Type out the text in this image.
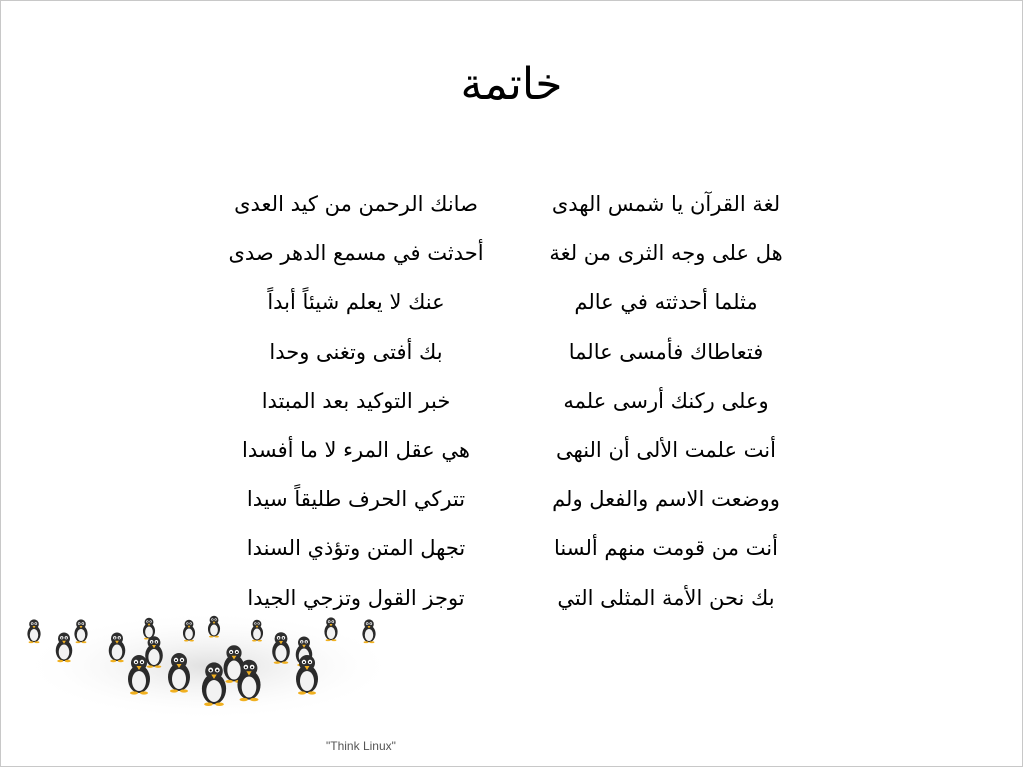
خاتمة
لغة القرآن يا شمس الهدى
صانك الرحمن من كيد العدى
هل على وجه الثرى من لغة
أحدثت في مسمع الدهر صدى
مثلما أحدثته في عالم
عنك لا يعلم شيئاً أبداً
فتعاطاك فأمسى عالما
بك أفتى وتغنى وحدا
وعلى ركنك أرسى علمه
خبر التوكيد بعد المبتدا
أنت علمت الألى أن النهى
هي عقل المرء لا ما أفسدا
ووضعت الاسم والفعل ولم
تتركي الحرف طليقاً سيدا
أنت من قومت منهم ألسنا
تجهل المتن وتؤذي السندا
بك نحن الأمة المثلى التي
توجز القول وتزجي الجيدا
"Think Linux"
